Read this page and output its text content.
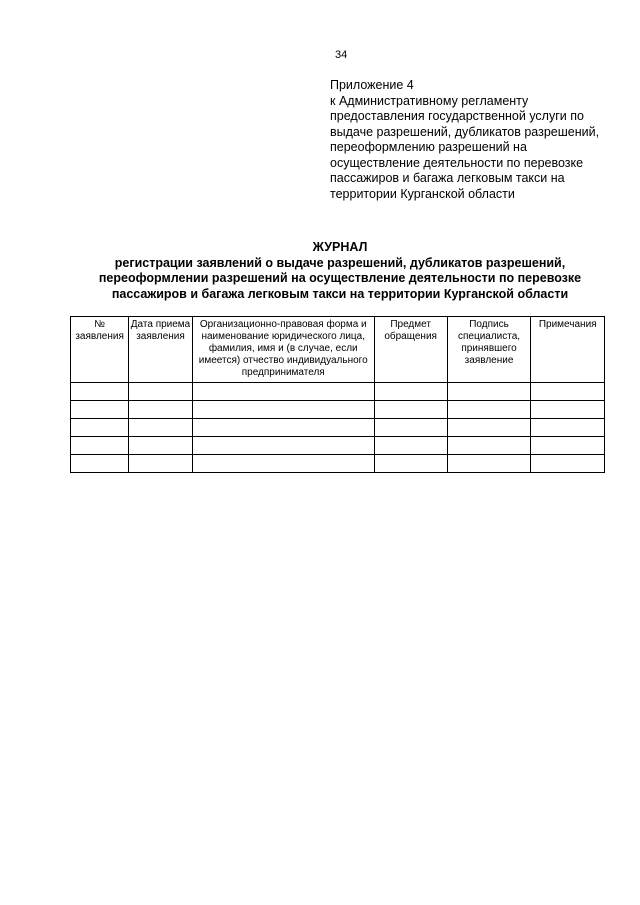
34
Приложение 4
к Административному регламенту
предоставления государственной услуги по
выдаче разрешений, дубликатов разрешений,
переоформлению разрешений на
осуществление деятельности по перевозке
пассажиров и багажа легковым такси на
территории Курганской области
ЖУРНАЛ
регистрации заявлений о выдаче разрешений, дубликатов разрешений,
переоформлении разрешений на осуществление деятельности по перевозке
пассажиров и багажа легковым такси на территории Курганской области
№ заявления	Дата приема заявления	Организационно-правовая форма и наименование юридического лица, фамилия, имя и (в случае, если имеется) отчество индивидуального предпринимателя	Предмет обращения	Подпись специалиста, принявшего заявление	Примечания
